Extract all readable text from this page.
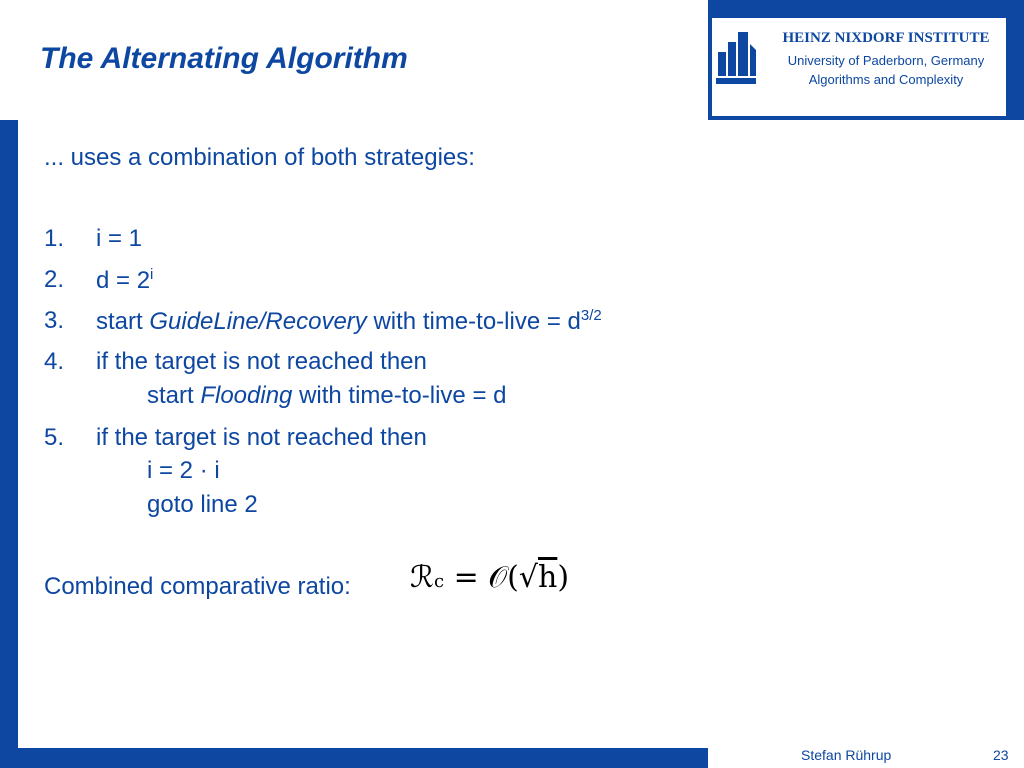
HEINZ NIXDORF INSTITUTE
University of Paderborn, Germany
Algorithms and Complexity
The Alternating Algorithm
... uses a combination of both strategies:
1. i = 1
2. $d = 2^i$
3. start GuideLine/Recovery with time-to-live = $d^{3/2}$
4. if the target is not reached then
start Flooding with time-to-live = d
5. if the target is not reached then
i = 2 · i
goto line 2
Combined comparative ratio: ℛc = 𝒪(√h)
Stefan Rührup	23
